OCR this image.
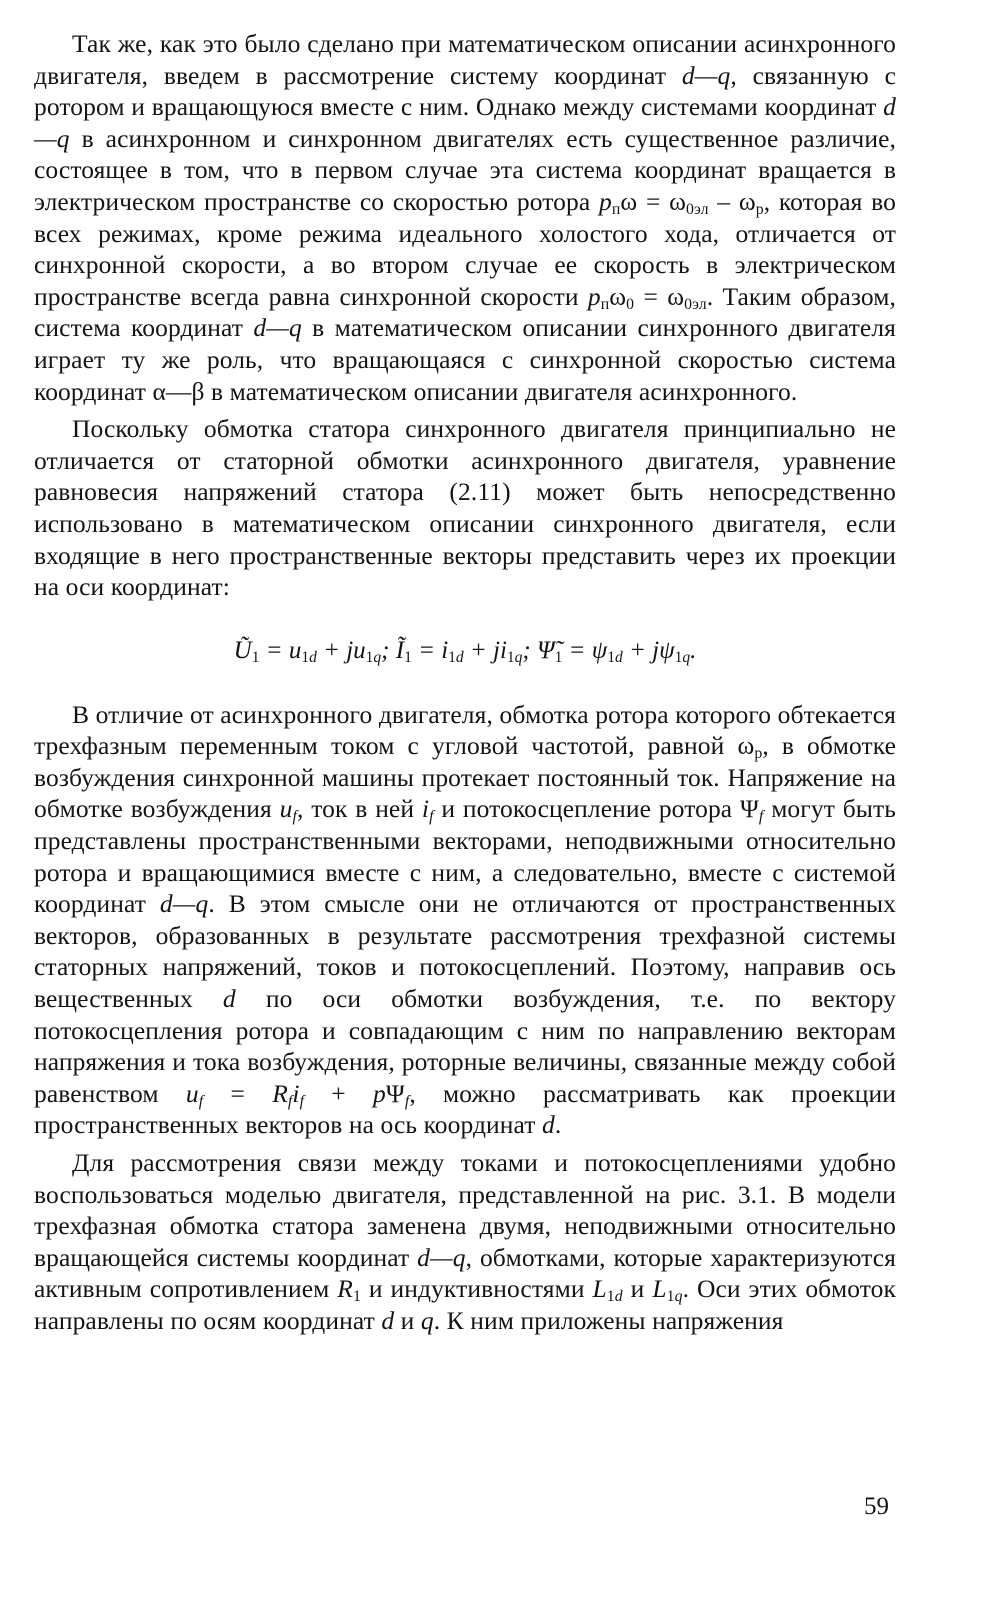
Так же, как это было сделано при математическом описании асинхронного двигателя, введем в рассмотрение систему координат d—q, связанную с ротором и вращающуюся вместе с ним. Однако между системами координат d—q в асинхронном и синхронном двигателях есть существенное различие, состоящее в том, что в первом случае эта система координат вращается в электрическом пространстве со скоростью ротора $p_п\omega = \omega_{0эл} - \omega_р$, которая во всех режимах, кроме режима идеального холостого хода, отличается от синхронной скорости, а во втором случае ее скорость в электрическом пространстве всегда равна синхронной скорости $p_п\omega_0 = \omega_{0эл}$. Таким образом, система координат d—q в математическом описании синхронного двигателя играет ту же роль, что вращающаяся с синхронной скоростью система координат α—β в математическом описании двигателя асинхронного.

Поскольку обмотка статора синхронного двигателя принципиально не отличается от статорной обмотки асинхронного двигателя, уравнение равновесия напряжений статора (2.11) может быть непосредственно использовано в математическом описании синхронного двигателя, если входящие в него пространственные векторы представить через их проекции на оси координат:

$Ũ_1 = u_{1d} + ju_{1q}$; $Ĩ_1 = i_{1d} + ji_{1q}$; $\Psĩ_1 = \psi_{1d} + j\psi_{1q}$.

В отличие от асинхронного двигателя, обмотка ротора которого обтекается трехфазным переменным током с угловой частотой, равной $\omega_р$, в обмотке возбуждения синхронной машины протекает постоянный ток. Напряжение на обмотке возбуждения $u_f$, ток в ней $i_f$ и потокосцепление ротора $\Psi_f$ могут быть представлены пространственными векторами, неподвижными относительно ротора и вращающимися вместе с ним, а следовательно, вместе с системой координат d—q. В этом смысле они не отличаются от пространственных векторов, образованных в результате рассмотрения трехфазной системы статорных напряжений, токов и потокосцеплений. Поэтому, направив ось вещественных d по оси обмотки возбуждения, т.е. по вектору потокосцепления ротора и совпадающим с ним по направлению векторам напряжения и тока возбуждения, роторные величины, связанные между собой равенством $u_f = R_fi_f + p\Psi_f$, можно рассматривать как проекции пространственных векторов на ось координат d.

Для рассмотрения связи между токами и потокосцеплениями удобно воспользоваться моделью двигателя, представленной на рис. 3.1. В модели трехфазная обмотка статора заменена двумя, неподвижными относительно вращающейся системы координат d—q, обмотками, которые характеризуются активным сопротивлением $R_1$ и индуктивностями $L_{1d}$ и $L_{1q}$. Оси этих обмоток направлены по осям координат d и q. К ним приложены напряжения

59
